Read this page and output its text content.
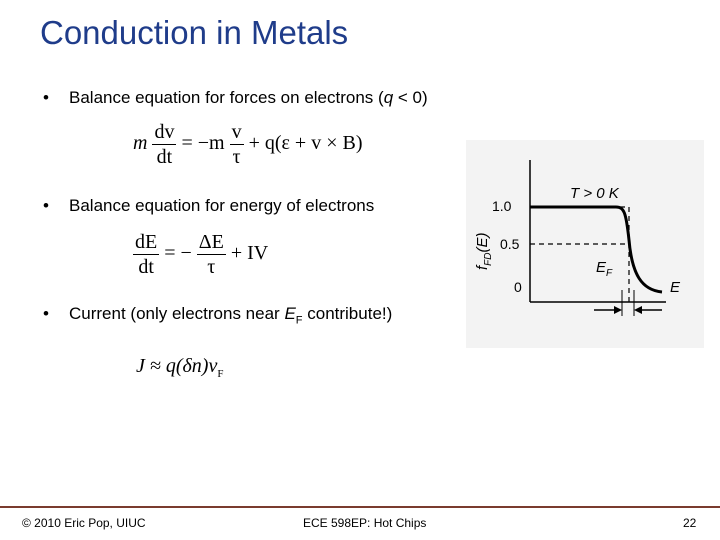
Conduction in Metals
• Balance equation for forces on electrons (q < 0)
m $\frac{dv}{dt} = -m \frac{v}{\tau} + q(\varepsilon + v \times B)$
• Balance equation for energy of electrons
$\frac{dE}{dt}$ = − $\frac{\Delta E}{\tau}$ + IV
• Current (only electrons near $E_F$ contribute!)
$J \approx q(\delta n)v_F$
1.0
0.5
0
T > 0 K
$E_F$
E
$f_{FD}(E)$
© 2010 Eric Pop, UIUC	ECE 598EP: Hot Chips	22
